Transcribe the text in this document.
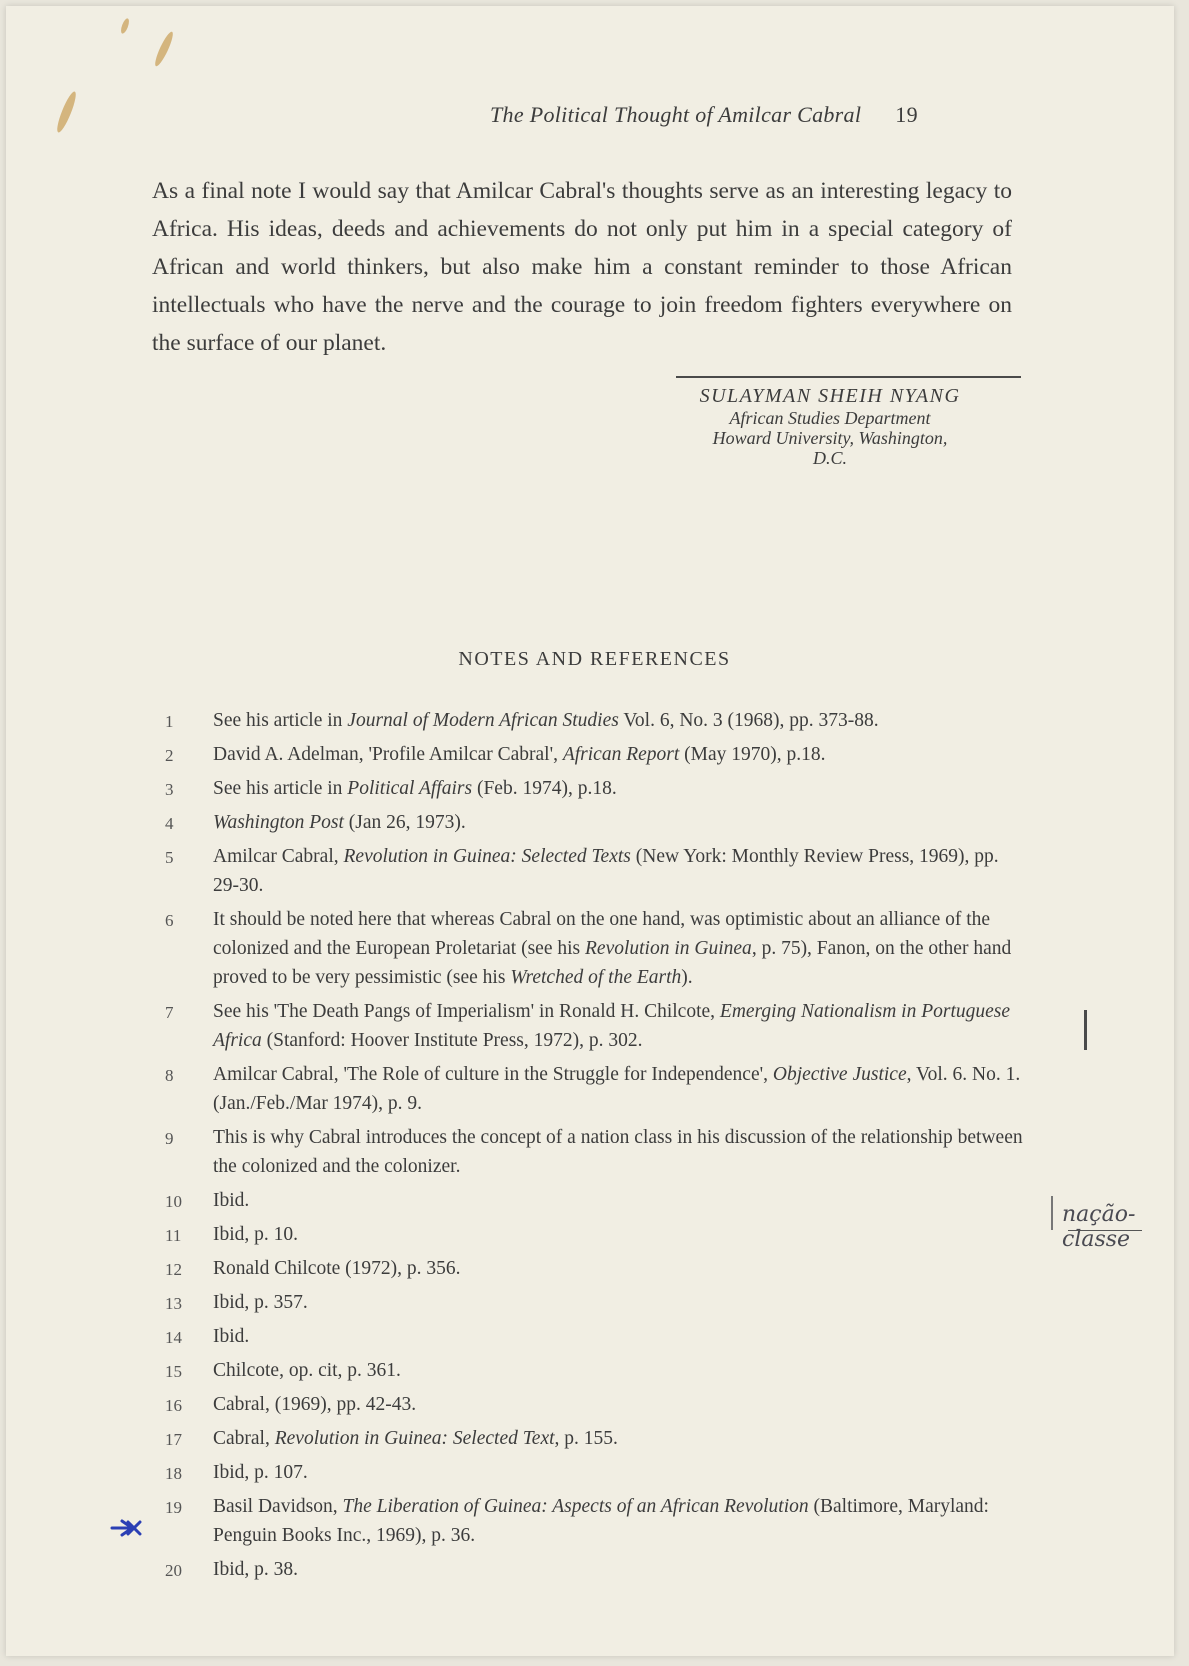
The Political Thought of Amilcar Cabral 19

As a final note I would say that Amilcar Cabral's thoughts serve as an interesting legacy to Africa. His ideas, deeds and achievements do not only put him in a special category of African and world thinkers, but also make him a constant reminder to those African intellectuals who have the nerve and the courage to join freedom fighters everywhere on the surface of our planet.

SULAYMAN SHEIH NYANG
African Studies Department
Howard University, Washington,
D.C.
NOTES AND REFERENCES
1	See his article in Journal of Modern African Studies Vol. 6, No. 3 (1968), pp. 373-88.
2	David A. Adelman, 'Profile Amilcar Cabral', African Report (May 1970), p.18.
3	See his article in Political Affairs (Feb. 1974), p.18.
4	Washington Post (Jan 26, 1973).
5	Amilcar Cabral, Revolution in Guinea: Selected Texts (New York: Monthly Review Press, 1969), pp. 29-30.
6	It should be noted here that whereas Cabral on the one hand, was optimistic about an alliance of the colonized and the European Proletariat (see his Revolution in Guinea, p. 75), Fanon, on the other hand proved to be very pessimistic (see his Wretched of the Earth).
7	See his 'The Death Pangs of Imperialism' in Ronald H. Chilcote, Emerging Nationalism in Portuguese Africa (Stanford: Hoover Institute Press, 1972), p. 302.
8	Amilcar Cabral, 'The Role of culture in the Struggle for Independence', Objective Justice, Vol. 6. No. 1. (Jan./Feb./Mar 1974), p. 9.
9	This is why Cabral introduces the concept of a nation class in his discussion of the relationship between the colonized and the colonizer.
10 Ibid.
11 Ibid, p. 10.
12 Ronald Chilcote (1972), p. 356.
13 Ibid, p. 357.
14 Ibid.
15 Chilcote, op. cit, p. 361.
16 Cabral, (1969), pp. 42-43.
17 Cabral, Revolution in Guinea: Selected Text, p. 155.
18 Ibid, p. 107.
19 Basil Davidson, The Liberation of Guinea: Aspects of an African Revolution (Baltimore, Maryland: Penguin Books Inc., 1969), p. 36.
20 Ibid, p. 38.
nação-classe
